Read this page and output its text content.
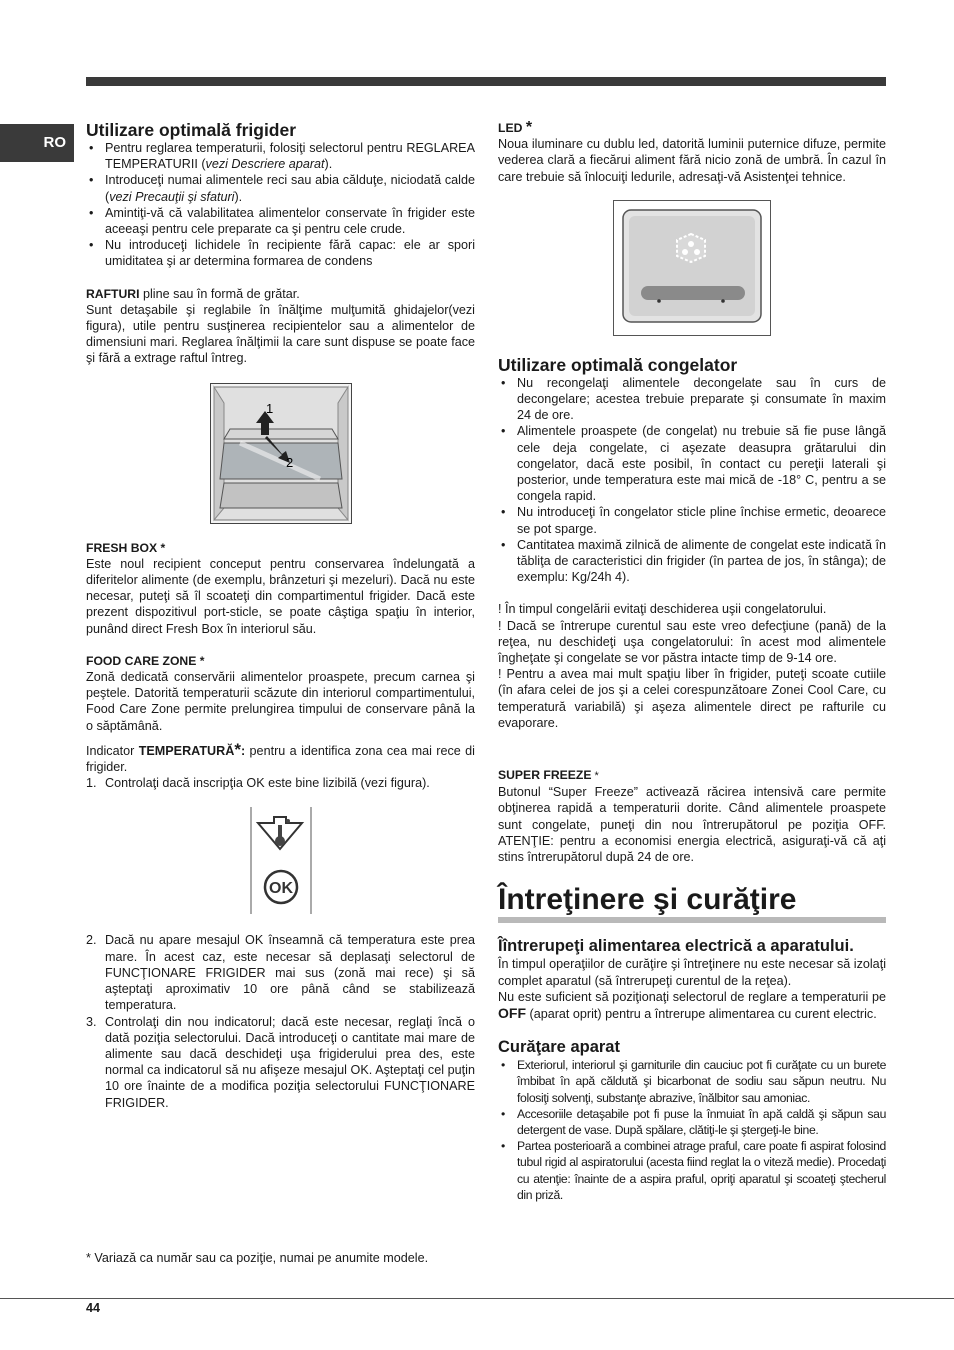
RO
Utilizare optimală frigider
• Pentru reglarea temperaturii, folosiţi selectorul pentru REGLAREA TEMPERATURII (vezi Descriere aparat).
• Introduceţi numai alimentele reci sau abia călduţe, niciodată calde (vezi Precauţii şi sfaturi).
• Amintiţi-vă că valabilitatea alimentelor conservate în frigider este aceeaşi pentru cele preparate ca şi pentru cele crude.
• Nu introduceţi lichidele în recipiente fără capac: ele ar spori umiditatea şi ar determina formarea de condens

RAFTURI pline sau în formă de grătar.

Sunt detaşabile şi reglabile în înălţime mulţumită ghidajelor(vezi figura), utile pentru susţinerea recipientelor sau a alimentelor de dimensiuni mari. Reglarea înălţimii la care sunt dispuse se poate face şi fără a extrage raftul întreg.

1
2

FRESH BOX *

Este noul recipient conceput pentru conservarea îndelungată a diferitelor alimente (de exemplu, brânzeturi şi mezeluri). Dacă nu este necesar, puteţi să îl scoateţi din compartimentul frigider. Dacă este prezent dispozitivul port-sticle, se poate câştiga spaţiu în interior, punând direct Fresh Box în interiorul său.

FOOD CARE ZONE *

Zonă dedicată conservării alimentelor proaspete, precum carnea şi peştele. Datorită temperaturii scăzute din interiorul compartimentului, Food Care Zone permite prelungirea timpului de conservare până la o săptămână.

Indicator TEMPERATURĂ*: pentru a identifica zona cea mai rece di frigider.

1. Controlaţi dacă inscripţia OK este bine lizibilă (vezi figura).
OK
2. Dacă nu apare mesajul OK înseamnă că temperatura este prea mare. În acest caz, este necesar să deplasaţi selectorul de FUNCŢIONARE FRIGIDER mai sus (zonă mai rece) şi să aşteptaţi aproximativ 10 ore până când se stabilizează temperatura.
3. Controlaţi din nou indicatorul; dacă este necesar, reglaţi încă o dată poziţia selectorului. Dacă introduceţi o cantitate mai mare de alimente sau dacă deschideţi uşa frigiderului prea des, este normal ca indicatorul să nu afişeze mesajul OK. Aşteptaţi cel puţin 10 ore înainte de a modifica poziţia selectorului FUNCŢIONARE FRIGIDER.

LED *

Noua iluminare cu dublu led, datorită luminii puternice difuze, permite vederea clară a fiecărui aliment fără nicio zonă de umbră. În cazul în care trebuie să înlocuiţi ledurile, adresaţi-vă Asistenţei tehnice.

Utilizare optimală congelator
• Nu recongelaţi alimentele decongelate sau în curs de decongelare; acestea trebuie preparate şi consumate în maxim 24 de ore.
• Alimentele proaspete (de congelat) nu trebuie să fie puse lângă cele deja congelate, ci aşezate deasupra grătarului din congelator, dacă este posibil, în contact cu pereţii laterali şi posterior, unde temperatura este mai mică de -18° C, pentru a se congela rapid.
• Nu introduceţi în congelator sticle pline închise ermetic, deoarece se pot sparge.
• Cantitatea maximă zilnică de alimente de congelat este indicată în tăbliţa de caracteristici din frigider (în partea de jos, în stânga); de exemplu: Kg/24h 4).

! În timpul congelării evitaţi deschiderea uşii congelatorului.

! Dacă se întrerupe curentul sau este vreo defecţiune (pană) de la reţea, nu deschideţi uşa congelatorului: în acest mod alimentele îngheţate şi congelate se vor păstra intacte timp de 9-14 ore.

! Pentru a avea mai mult spaţiu liber în frigider, puteţi scoate cutiile (în afara celei de jos şi a celei corespunzătoare Zonei Cool Care, cu temperatură variabilă) şi aşeza alimentele direct pe rafturile cu evaporare.

SUPER FREEZE *

Butonul “Super Freeze” activează răcirea intensivă care permite obţinerea rapidă a temperaturii dorite. Când alimentele proaspete sunt congelate, puneţi din nou întrerupătorul pe poziţia OFF. ATENŢIE: pentru a economisi energia electrică, asiguraţi-vă că aţi stins întrerupătorul după 24 de ore.

Întreţinere şi curăţire
Îîntrerupeţi alimentarea electrică a aparatului.

În timpul operaţiilor de curăţire şi întreţinere nu este necesar să izolaţi complet aparatul (să întrerupeţi curentul de la reţea).

Nu este suficient să poziţionaţi selectorul de reglare a temperaturii pe OFF (aparat oprit) pentru a întrerupe alimentarea cu curent electric.

Curăţare aparat
• Exteriorul, interiorul şi garniturile din cauciuc pot fi curăţate cu un burete îmbibat în apă căldută şi bicarbonat de sodiu sau săpun neutru. Nu folosiţi solvenţi, substanţe abrazive, înălbitor sau amoniac.
• Accesoriile detaşabile pot fi puse la înmuiat în apă caldă şi săpun sau detergent de vase. După spălare, clătiţi-le şi ştergeţi-le bine.
• Partea posterioară a combinei atrage praful, care poate fi aspirat folosind tubul rigid al aspiratorului (acesta fiind reglat la o viteză medie). Procedaţi cu atenţie: înainte de a aspira praful, opriţi aparatul şi scoateţi ştecherul din priză.
* Variază ca număr sau ca poziţie, numai pe anumite modele.
44
